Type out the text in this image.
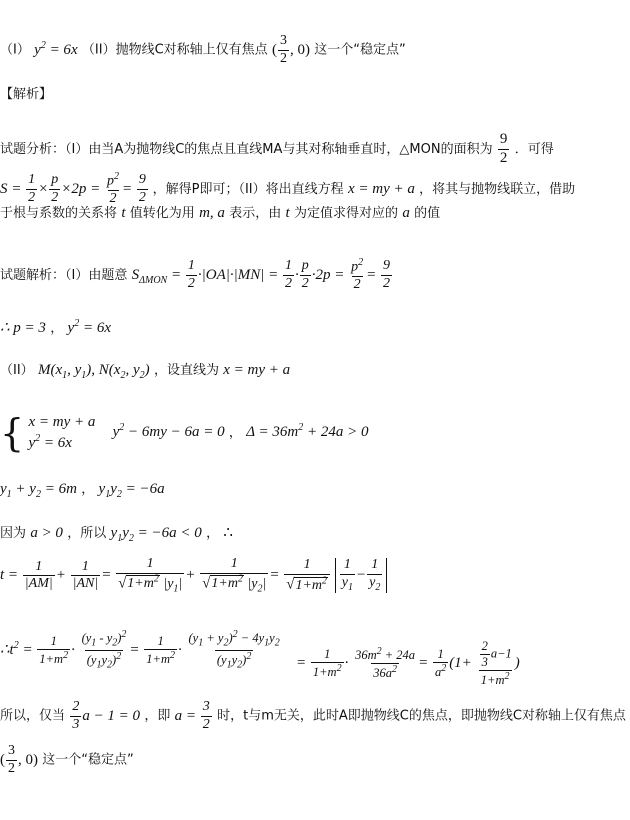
（I） $y^2 = 6x$ （II）抛物线C对称轴上仅有焦点 ( $\frac{3}{2}$ , 0) 这一个“稳定点”
【解析】
试题分析：（I）由当A为抛物线C的焦点且直线MA与其对称轴垂直时，△MON的面积为 $\frac{9}{2}$ ．可得
$S = \frac{1}{2} \times \frac{p}{2} \times 2p = \frac{p^2}{2} = \frac{9}{2}$ ，解得P即可；（II）将出直线方程 x = my + a ，将其与抛物线联立，借助
于根与系数的关系将 t 值转化为用 m, a 表示，由 t 为定值求得对应的 a 的值
试题解析：（I）由题意 $S_{\Delta MON} = \frac{1}{2} \cdot|OA|\cdot|MN| = \frac{1}{2} \cdot \frac{p}{2} \cdot 2p = \frac{p^2}{2} = \frac{9}{2}$
∴ p = 3 ， $y^2 = 6x$
（II） $M(x_1$, $y_1$), $N(x_2$, $y_2$) ，设直线为 x = my + a
{ x = my + a
$y^2 = 6x$
$y^2 - 6my - 6a = 0$ ， $\Delta = 36m^2 + 24a > 0$
$y_1 + y_2 = 6m$ ， $y_1y_2 = -6a$
因为 a > 0 ，所以 $y_1y_2 = -6a < 0$ ， ∴
$t = \frac{1}{|AM|} + \frac{1}{|AN|} = \frac{1}{√1+m^2 |y_1|} + \frac{1}{√1+m^2 |y_2|} = \frac{1}{√1+m^2}$
$\frac{1}{y_1} - \frac{1}{y_2}$
$\therefore t^2 = \frac{1}{1+m^2} \cdot \frac{(y_1 - y_2)^2}{(y_1y_2)^2} = \frac{1}{1+m^2} \cdot \frac{(y_1 + y_2)^2 - 4y_1y_2}{(y_1y_2)^2} = \frac{1}{1+m^2} \cdot \frac{36m^2 + 24a}{36a^2} = \frac{1}{a^2} (1+ \frac{\frac{2}{3} a-1}{1+m^2}$ )
所以，仅当 $\frac{2}{3}$ a − 1 = 0 ，即 $a = \frac{3}{2}$ 时，t与m无关，此时A即抛物线C的焦点，即抛物线C对称轴上仅有焦点
( $\frac{3}{2}$ , 0) 这一个“稳定点”
